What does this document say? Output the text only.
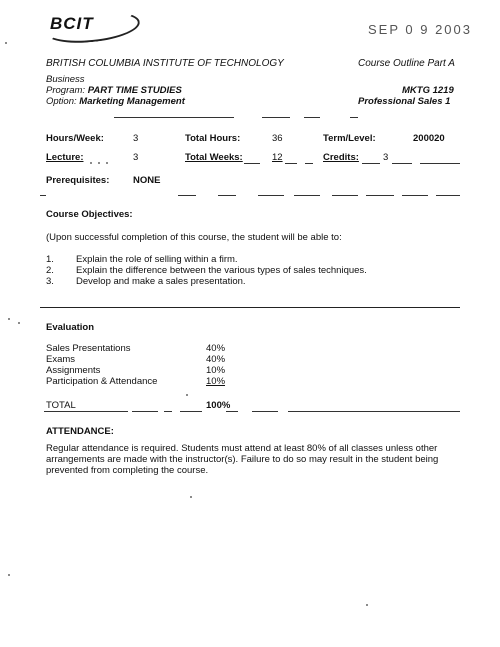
BCIT	SEP 0 9 2003
BRITISH COLUMBIA INSTITUTE OF TECHNOLOGY	Course Outline Part A
Business
Program: PART TIME STUDIES	MKTG 1219
Option: Marketing Management	Professional Sales 1
Hours/Week:	3	Total Hours:	36	Term/Level:	200020
Lecture:	3	Total Weeks:	12	Credits:	3
Prerequisites: NONE
Course Objectives:
(Upon successful completion of this course, the student will be able to:
1. Explain the role of selling within a firm.
2. Explain the difference between the various types of sales techniques.
3. Develop and make a sales presentation.
Evaluation
Sales Presentations	40%
Exams	40%
Assignments	10%
Participation & Attendance	10%
TOTAL	100%
ATTENDANCE:
Regular attendance is required. Students must attend at least 80% of all classes unless other
arrangements are made with the instructor(s). Failure to do so may result in the student being
prevented from completing the course.
